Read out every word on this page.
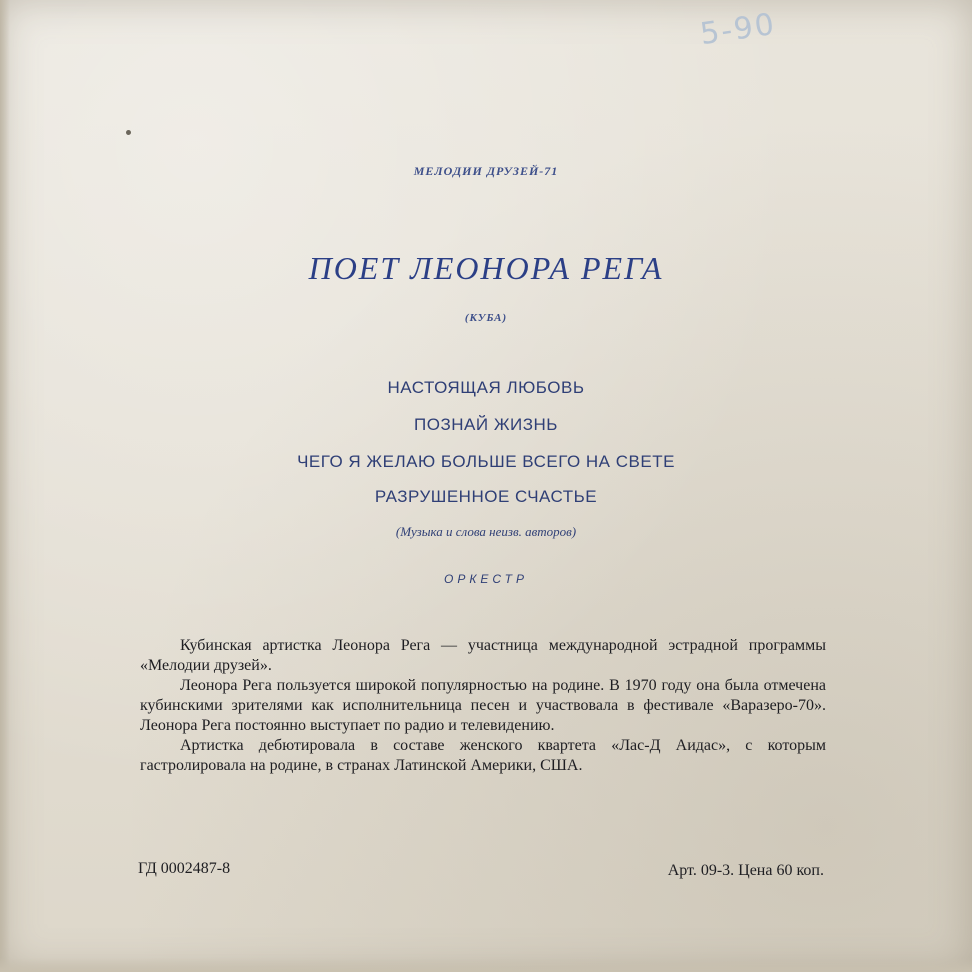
5-90
МЕЛОДИИ ДРУЗЕЙ-71
ПОЕТ ЛЕОНОРА РЕГА
(КУБА)
НАСТОЯЩАЯ ЛЮБОВЬ
ПОЗНАЙ ЖИЗНЬ
ЧЕГО Я ЖЕЛАЮ БОЛЬШЕ ВСЕГО НА СВЕТЕ
РАЗРУШЕННОЕ СЧАСТЬЕ
(Музыка и слова неизв. авторов)
ОРКЕСТР

Кубинская артистка Леонора Рега — участница международной эстрадной программы «Мелодии друзей».

Леонора Рега пользуется широкой популярностью на родине. В 1970 году она была отмечена кубинскими зрителями как исполнительница песен и участвовала в фестивале «Варазеро-70». Леонора Рега постоянно выступает по радио и телевидению.

Артистка дебютировала в составе женского квартета «Лас-Д Аидас», с которым гастролировала на родине, в странах Латинской Америки, США.

ГД 0002487-8	Арт. 09-3. Цена 60 коп.
